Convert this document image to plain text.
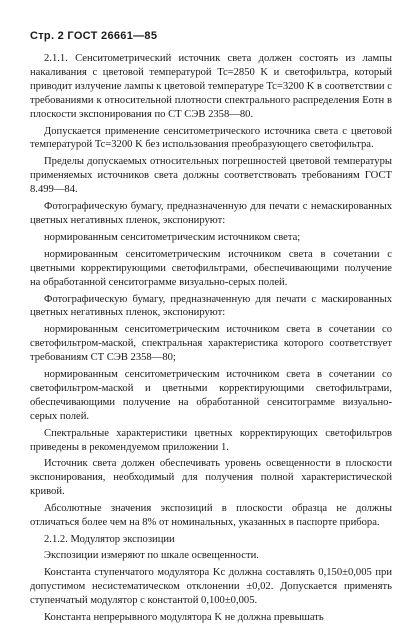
Стр. 2 ГОСТ 26661—85

2.1.1. Сенситометрический источник света должен состоять из лампы накаливания с цветовой температурой Tc=2850 K и светофильтра, который приводит излучение лампы к цветовой температуре Tc=3200 K в соответствии с требованиями к относительной плотности спектрального распределения Eотн в плоскости экспонирования по СТ СЭВ 2358—80.

Допускается применение сенситометрического источника света с цветовой температурой Tc=3200 K без использования преобразующего светофильтра.

Пределы допускаемых относительных погрешностей цветовой температуры применяемых источников света должны соответствовать требованиям ГОСТ 8.499—84.

Фотографическую бумагу, предназначенную для печати с немаскированных цветных негативных пленок, экспонируют:

нормированным сенситометрическим источником света;

нормированным сенситометрическим источником света в сочетании с цветными корректирующими светофильтрами, обеспечивающими получение на обработанной сенситограмме визуально-серых полей.

Фотографическую бумагу, предназначенную для печати с маскированных цветных негативных пленок, экспонируют:

нормированным сенситометрическим источником света в сочетании со светофильтром-маской, спектральная характеристика которого соответствует требованиям СТ СЭВ 2358—80;

нормированным сенситометрическим источником света в сочетании со светофильтром-маской и цветными корректирующими светофильтрами, обеспечивающими получение на обработанной сенситограмме визуально-серых полей.

Спектральные характеристики цветных корректирующих светофильтров приведены в рекомендуемом приложении 1.

Источник света должен обеспечивать уровень освещенности в плоскости экспонирования, необходимый для получения полной характеристической кривой.

Абсолютные значения экспозиций в плоскости образца не должны отличаться более чем на 8% от номинальных, указанных в паспорте прибора.

2.1.2. Модулятор экспозиции

Экспозиции измеряют по шкале освещенности.

Константа ступенчатого модулятора Kc должна составлять 0,150±0,005 при допустимом несистематическом отклонении ±0,02. Допускается применять ступенчатый модулятор с константой 0,100±0,005.

Константа непрерывного модулятора K не должна превышать
